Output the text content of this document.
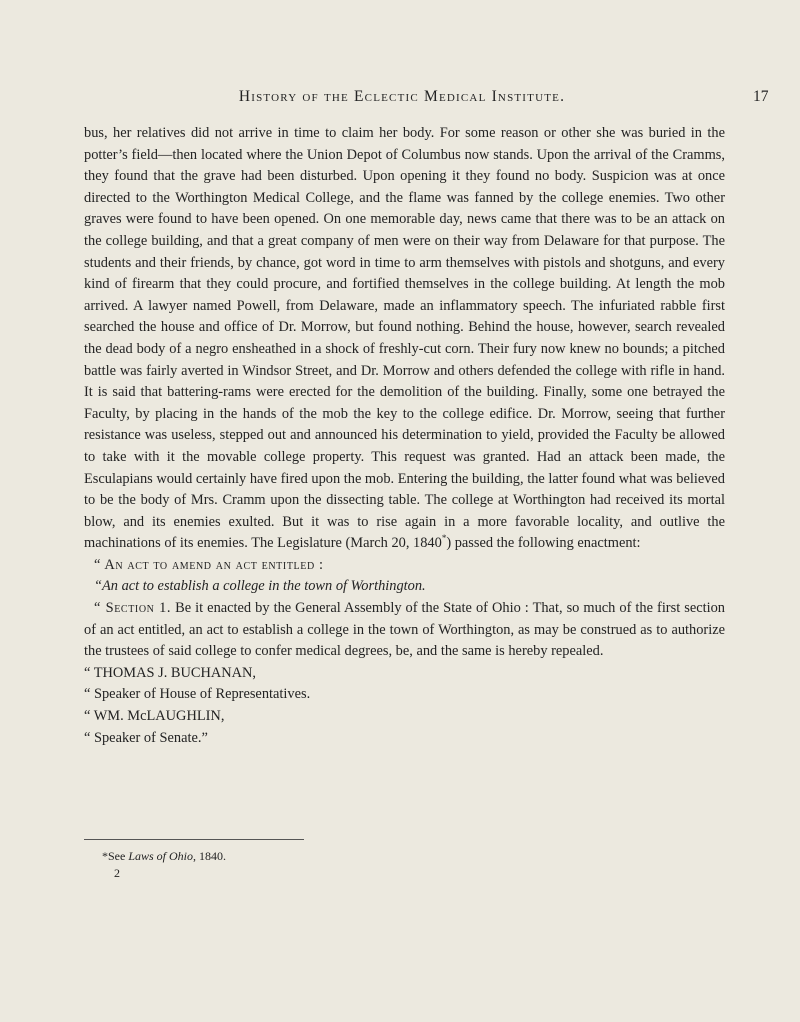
History of the Eclectic Medical Institute.	17

bus, her relatives did not arrive in time to claim her body. For some reason or other she was buried in the potter’s field—then located where the Union Depot of Columbus now stands. Upon the arrival of the Cramms, they found that the grave had been disturbed. Upon opening it they found no body. Suspicion was at once directed to the Worthington Medical College, and the flame was fanned by the college enemies. Two other graves were found to have been opened. On one memorable day, news came that there was to be an attack on the college building, and that a great company of men were on their way from Delaware for that purpose. The students and their friends, by chance, got word in time to arm themselves with pistols and shotguns, and every kind of firearm that they could procure, and fortified themselves in the college building. At length the mob arrived. A lawyer named Powell, from Delaware, made an inflammatory speech. The infuriated rabble first searched the house and office of Dr. Morrow, but found nothing. Behind the house, however, search revealed the dead body of a negro ensheathed in a shock of freshly-cut corn. Their fury now knew no bounds; a pitched battle was fairly averted in Windsor Street, and Dr. Morrow and others defended the college with rifle in hand. It is said that battering-rams were erected for the demolition of the building. Finally, some one betrayed the Faculty, by placing in the hands of the mob the key to the college edifice. Dr. Morrow, seeing that further resistance was useless, stepped out and announced his determination to yield, provided the Faculty be allowed to take with it the movable college property. This request was granted. Had an attack been made, the Esculapians would certainly have fired upon the mob. Entering the building, the latter found what was believed to be the body of Mrs. Cramm upon the dissecting table. The college at Worthington had received its mortal blow, and its enemies exulted. But it was to rise again in a more favorable locality, and outlive the machinations of its enemies. The Legislature (March 20, 1840*) passed the following enactment:

“ An act to amend an act entitled :

“An act to establish a college in the town of Worthington.

“ Section 1. Be it enacted by the General Assembly of the State of Ohio : That, so much of the first section of an act entitled, an act to establish a college in the town of Worthington, as may be construed as to authorize the trustees of said college to confer medical degrees, be, and the same is hereby repealed.

“ THOMAS J. BUCHANAN,

“ Speaker of House of Representatives.

“ WM. McLAUGHLIN,

“ Speaker of Senate.”

*See Laws of Ohio, 1840.
2
